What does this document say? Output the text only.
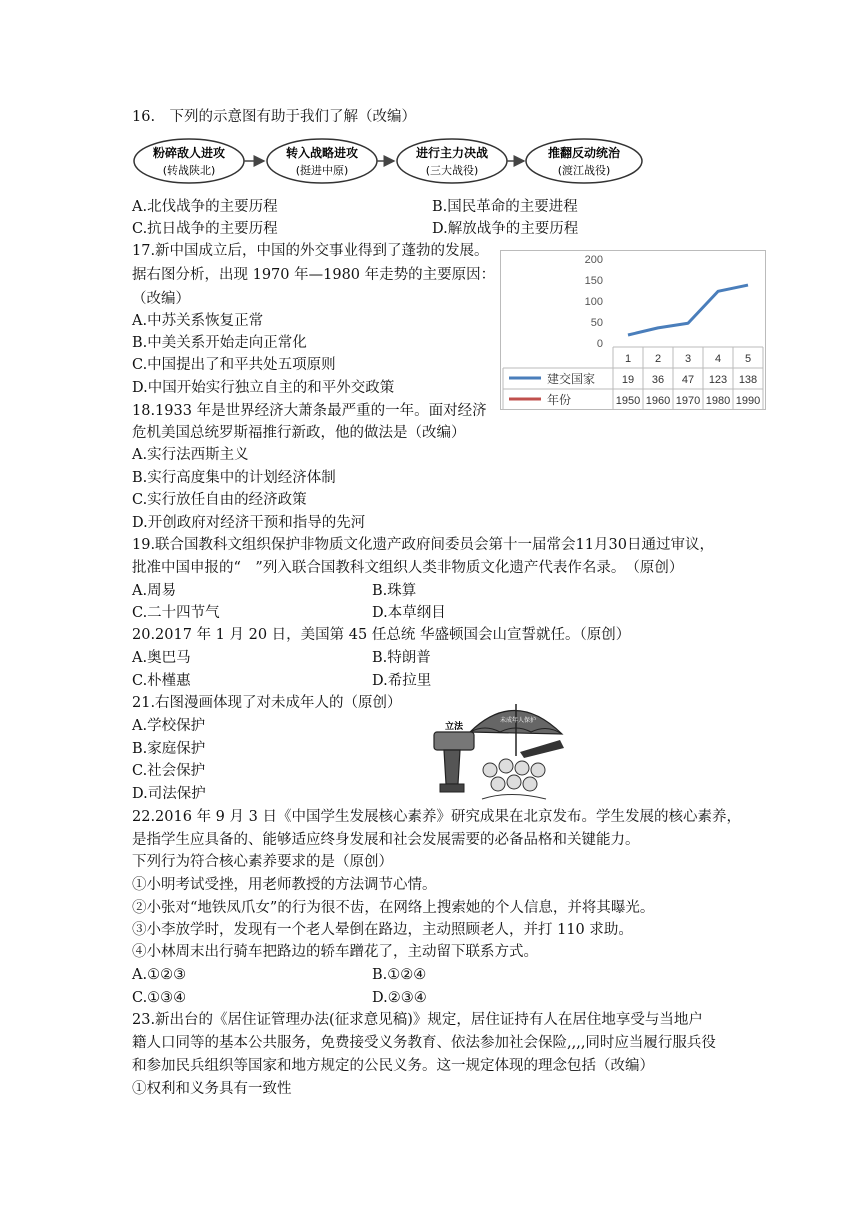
16.　下列的示意图有助于我们了解（改编）
粉碎敌人进攻
(转战陕北)
转入战略进攻
(挺进中原)
进行主力决战
(三大战役)
推翻反动统治
(渡江战役)
A.北伐战争的主要历程	B.国民革命的主要进程
C.抗日战争的主要历程	D.解放战争的主要历程
17.新中国成立后，中国的外交事业得到了蓬勃的发展。
据右图分析，出现 1970 年—1980 年走势的主要原因：
（改编）
A.中苏关系恢复正常
B.中美关系开始走向正常化
C.中国提出了和平共处五项原则
D.中国开始实行独立自主的和平外交政策
200
150
100
50
0
1 2 3 4 5
建交国家 19 36 47 123 138
年份	1950 1960 1970 1980 1990
18.1933 年是世界经济大萧条最严重的一年。面对经济
危机美国总统罗斯福推行新政，他的做法是（改编）
A.实行法西斯主义
B.实行高度集中的计划经济体制
C.实行放任自由的经济政策
D.开创政府对经济干预和指导的先河
19.联合国教科文组织保护非物质文化遗产政府间委员会第十一届常会11月30日通过审议，
批准中国申报的“　”列入联合国教科文组织人类非物质文化遗产代表作名录。　（原创）
A.周易	B.珠算
C.二十四节气	D.本草纲目
20.2017 年 1 月 20 日，美国第 45 任总统 华盛顿国会山宣誓就任。（原创）
A.奥巴马	B.特朗普
C.朴槿惠	D.希拉里
21.右图漫画体现了对未成年人的（原创）
A.学校保护
B.家庭保护
C.社会保护
D.司法保护
未成年人保护
立法
22.2016 年 9 月 3 日《中国学生发展核心素养》研究成果在北京发布。学生发展的核心素养，
是指学生应具备的、能够适应终身发展和社会发展需要的必备品格和关键能力。
下列行为符合核心素养要求的是（原创）
①小明考试受挫，用老师教授的方法调节心情。
②小张对“地铁凤爪女”的行为很不齿，在网络上搜索她的个人信息，并将其曝光。
③小李放学时，发现有一个老人晕倒在路边，主动照顾老人，并打 110 求助。
④小林周末出行骑车把路边的轿车蹭花了，主动留下联系方式。
A.①②③	B.①②④
C.①③④	D.②③④
23.新出台的《居住证管理办法(征求意见稿)》规定，居住证持有人在居住地享受与当地户
籍人口同等的基本公共服务，免费接受义务教育、依法参加社会保险,,,,同时应当履行服兵役
和参加民兵组织等国家和地方规定的公民义务。这一规定体现的理念包括（改编）
①权利和义务具有一致性
